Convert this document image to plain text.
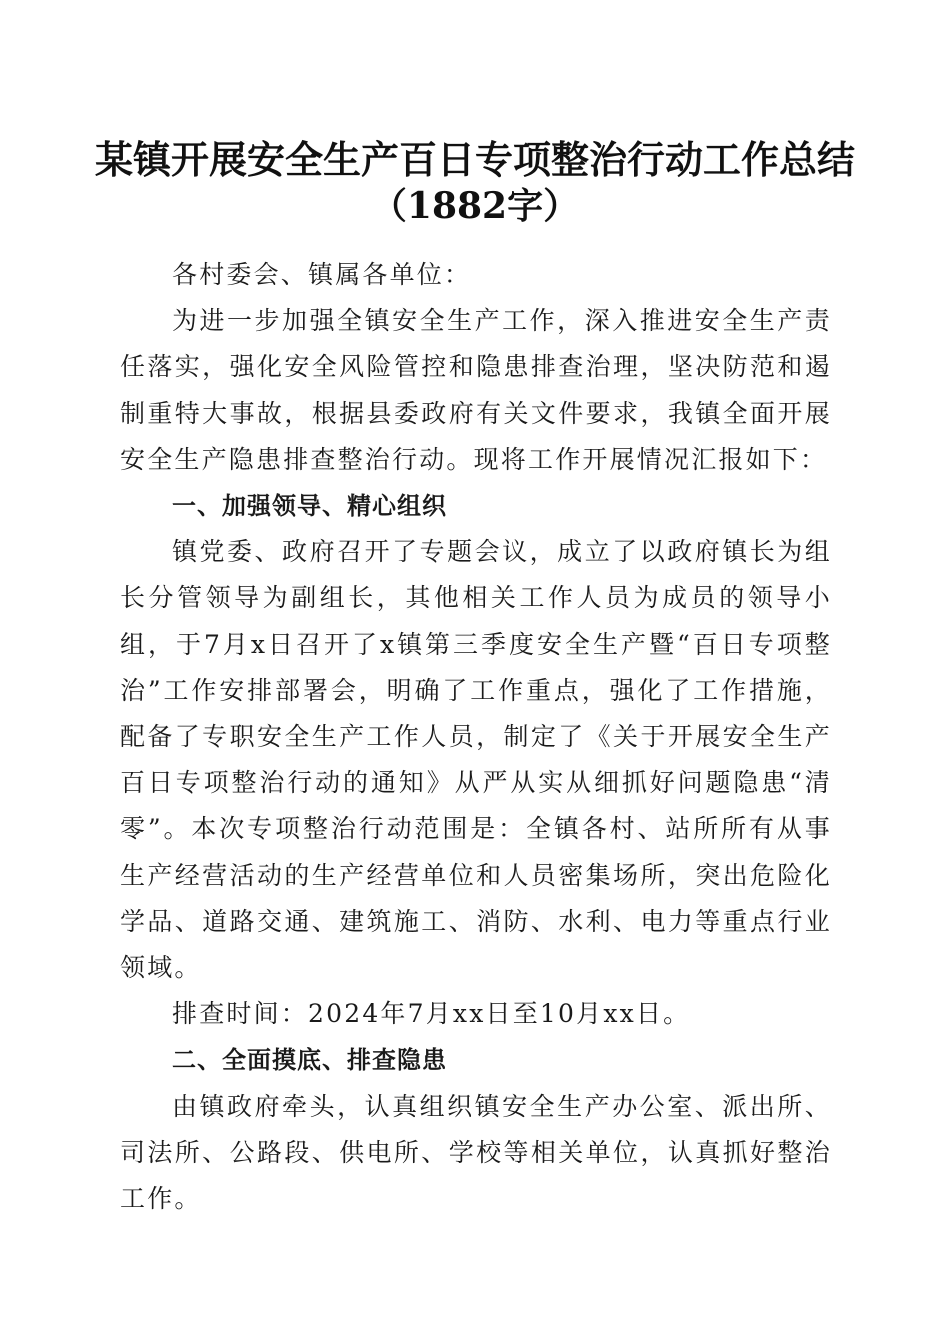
某镇开展安全生产百日专项整治行动工作总结
（1882字）

各村委会、镇属各单位：

为进一步加强全镇安全生产工作，深入推进安全生产责任落实，强化安全风险管控和隐患排查治理，坚决防范和遏制重特大事故，根据县委政府有关文件要求，我镇全面开展安全生产隐患排查整治行动。现将工作开展情况汇报如下：

一、加强领导、精心组织

镇党委、政府召开了专题会议，成立了以政府镇长为组长分管领导为副组长，其他相关工作人员为成员的领导小组，于7月x日召开了x镇第三季度安全生产暨“百日专项整治”工作安排部署会，明确了工作重点，强化了工作措施，配备了专职安全生产工作人员，制定了《关于开展安全生产百日专项整治行动的通知》从严从实从细抓好问题隐患“清零”。本次专项整治行动范围是：全镇各村、站所所有从事生产经营活动的生产经营单位和人员密集场所，突出危险化学品、道路交通、建筑施工、消防、水利、电力等重点行业领域。

排查时间：2024年7月xx日至10月xx日。

二、全面摸底、排查隐患

由镇政府牵头，认真组织镇安全生产办公室、派出所、司法所、公路段、供电所、学校等相关单位，认真抓好整治工作。
